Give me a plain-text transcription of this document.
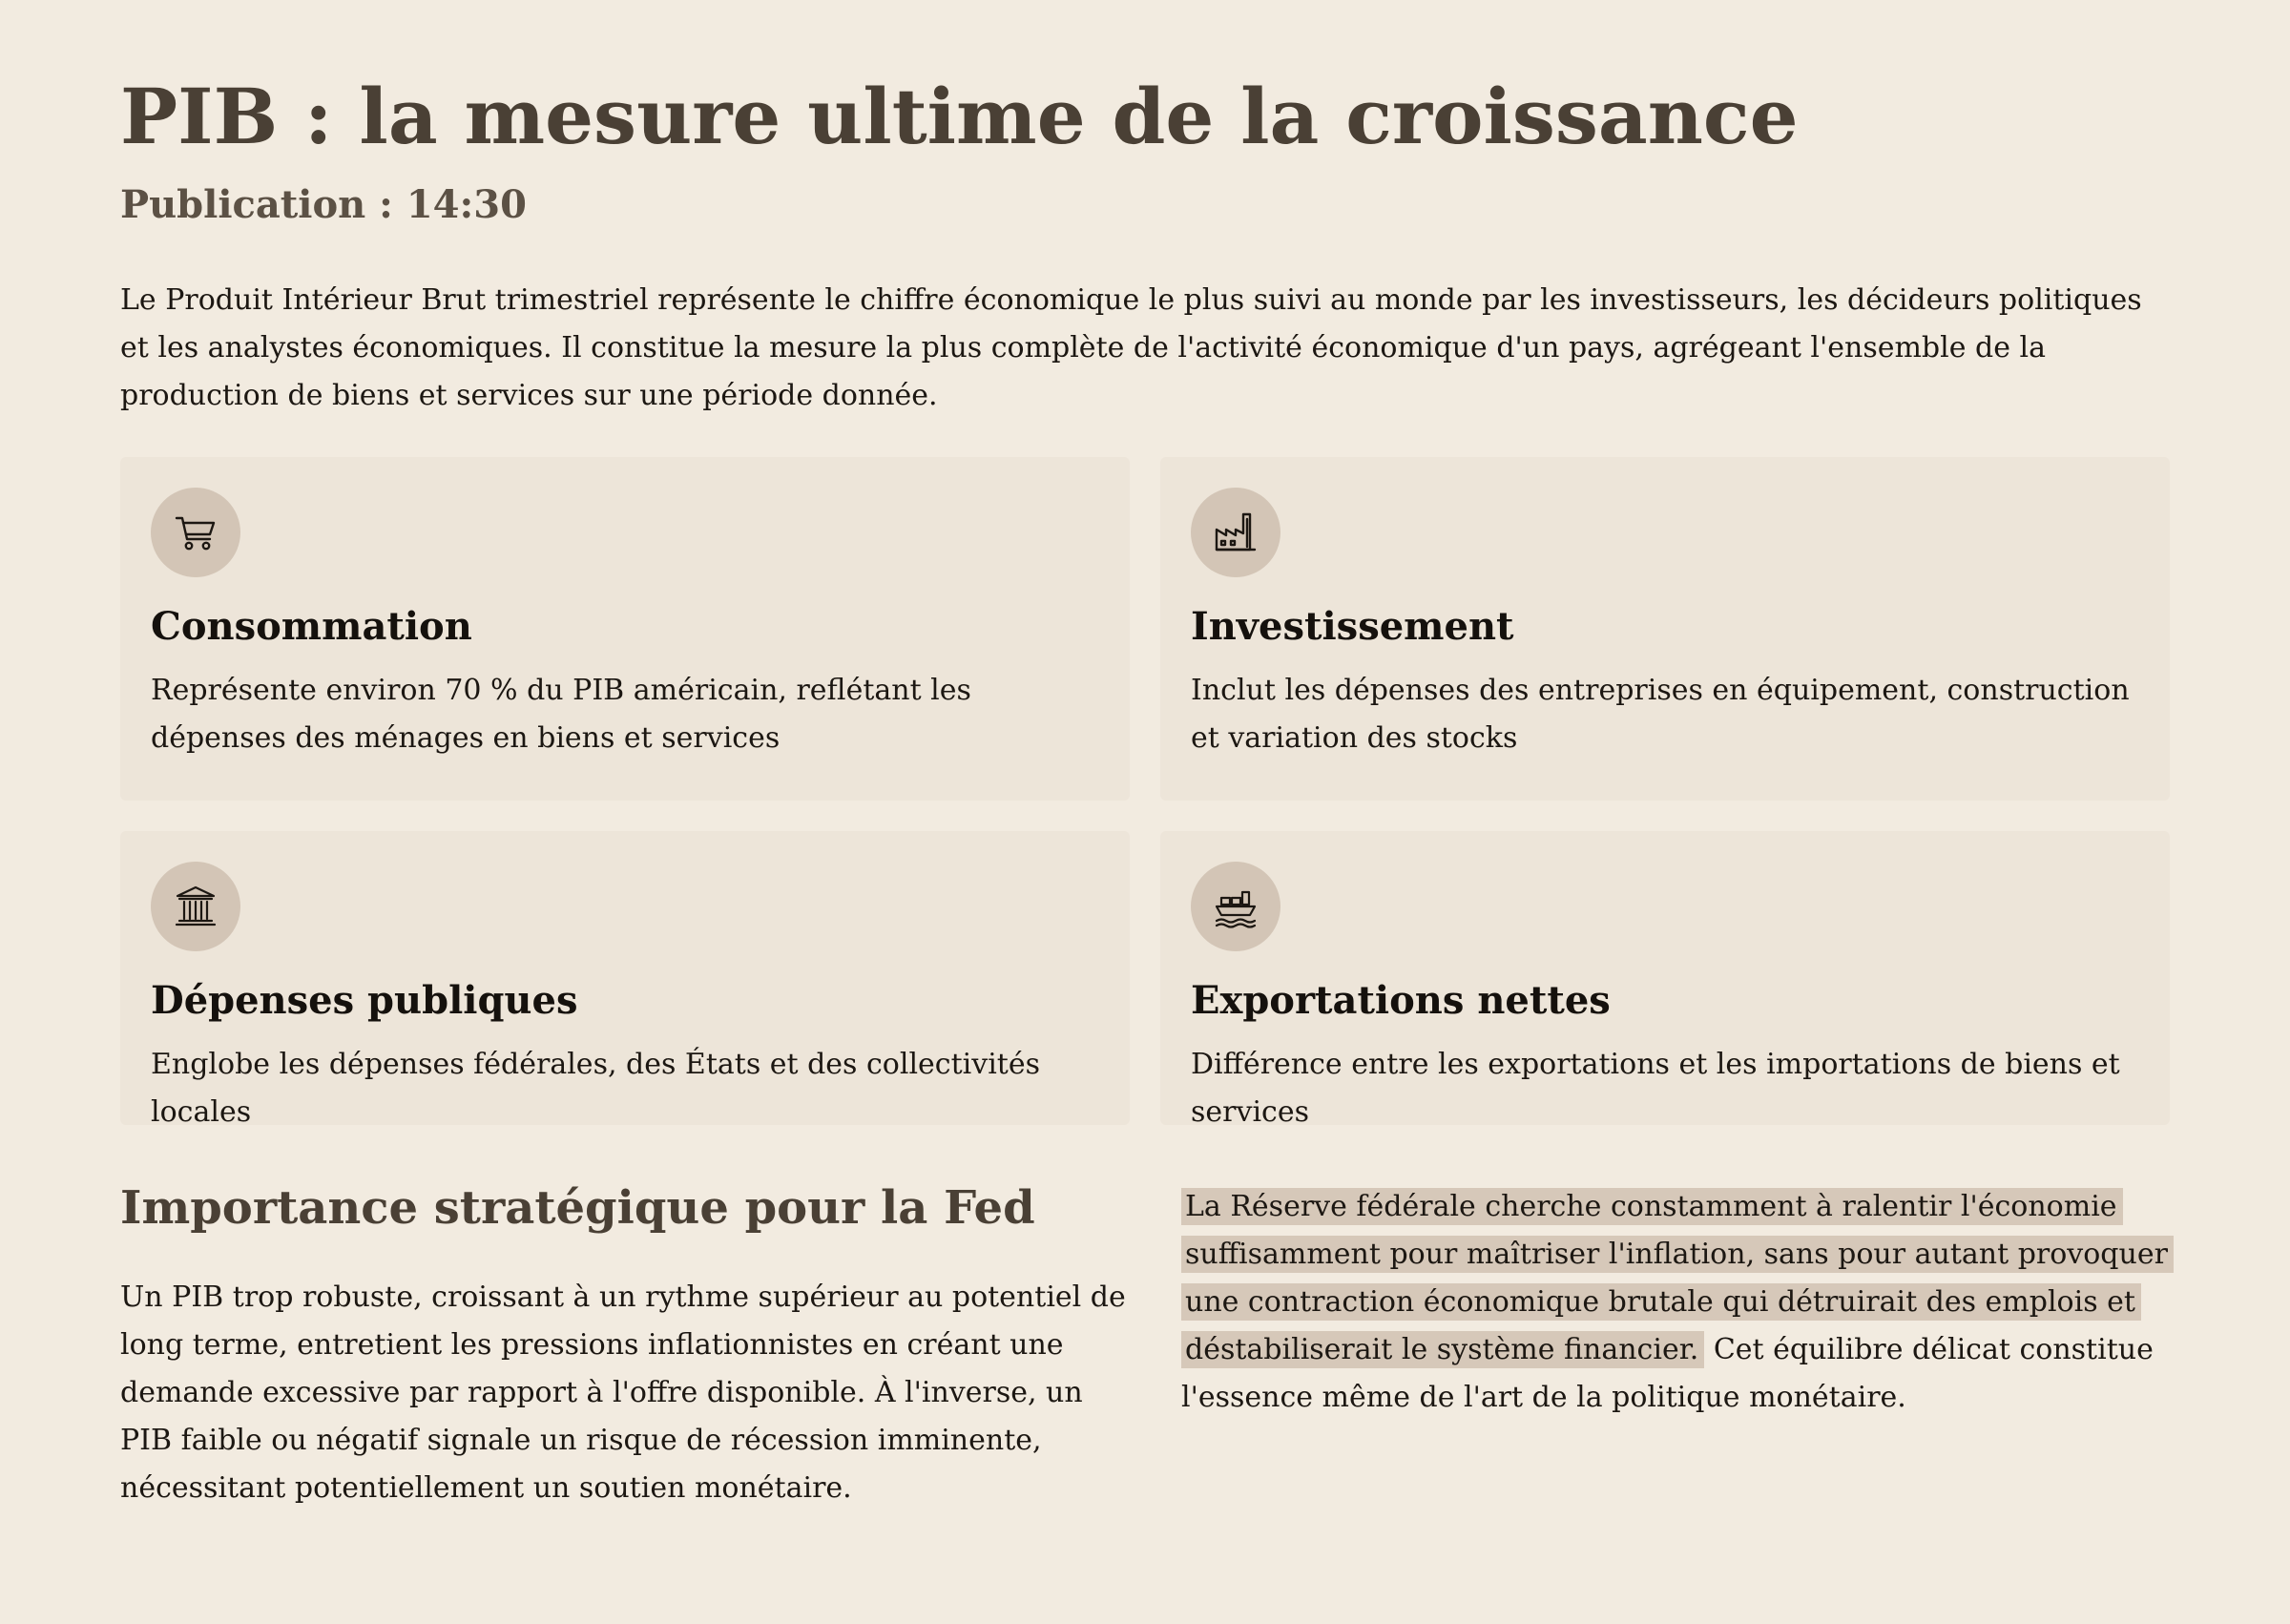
PIB : la mesure ultime de la croissance
Publication : 14:30

Le Produit Intérieur Brut trimestriel représente le chiffre économique le plus suivi au monde par les investisseurs, les décideurs politiques et les analystes économiques. Il constitue la mesure la plus complète de l'activité économique d'un pays, agrégeant l'ensemble de la production de biens et services sur une période donnée.

Consommation

Représente environ 70 % du PIB américain, reflétant les dépenses des ménages en biens et services

Investissement

Inclut les dépenses des entreprises en équipement, construction et variation des stocks

Dépenses publiques

Englobe les dépenses fédérales, des États et des collectivités locales

Exportations nettes

Différence entre les exportations et les importations de biens et services

Importance stratégique pour la Fed

Un PIB trop robuste, croissant à un rythme supérieur au potentiel de long terme, entretient les pressions inflationnistes en créant une demande excessive par rapport à l'offre disponible. À l'inverse, un PIB faible ou négatif signale un risque de récession imminente, nécessitant potentiellement un soutien monétaire.

La Réserve fédérale cherche constamment à ralentir l'économie suffisamment pour maîtriser l'inflation, sans pour autant provoquer une contraction économique brutale qui détruirait des emplois et déstabiliserait le système financier. Cet équilibre délicat constitue l'essence même de l'art de la politique monétaire.
